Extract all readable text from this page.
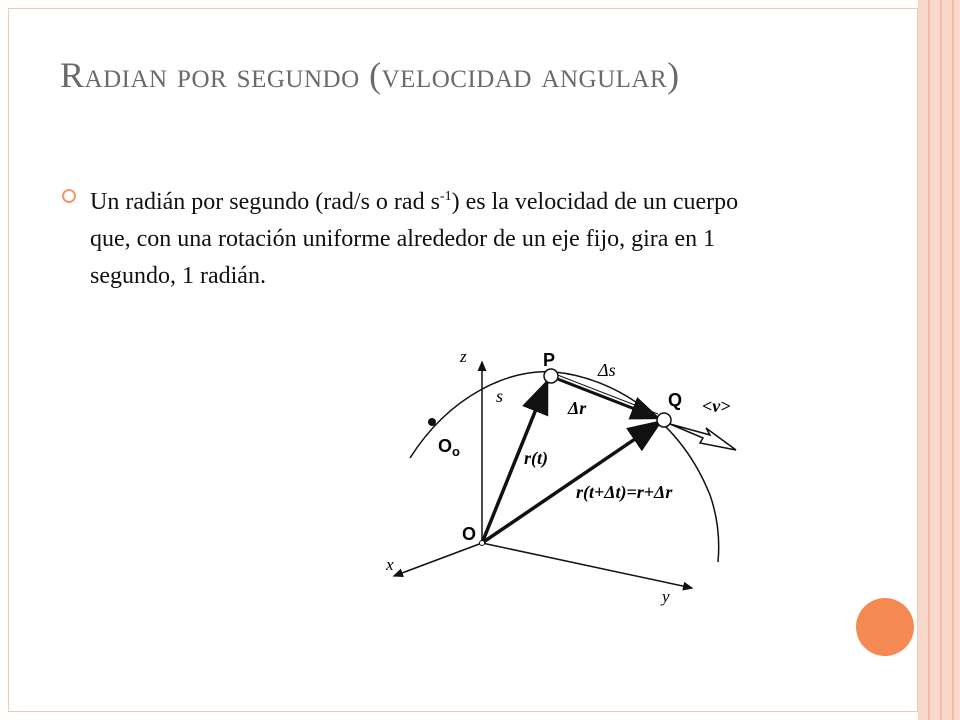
Radian por segundo (velocidad angular)
Un radián por segundo (rad/s o rad $s^{-1}$) es la velocidad de un cuerpo que, con una rotación uniforme alrededor de un eje fijo, gira en 1 segundo, 1 radián.
z
x
y
P
Q
O
$O_o$
s
Δs
Δr	<v>
r(t)
r(t+Δt)=r+Δr
